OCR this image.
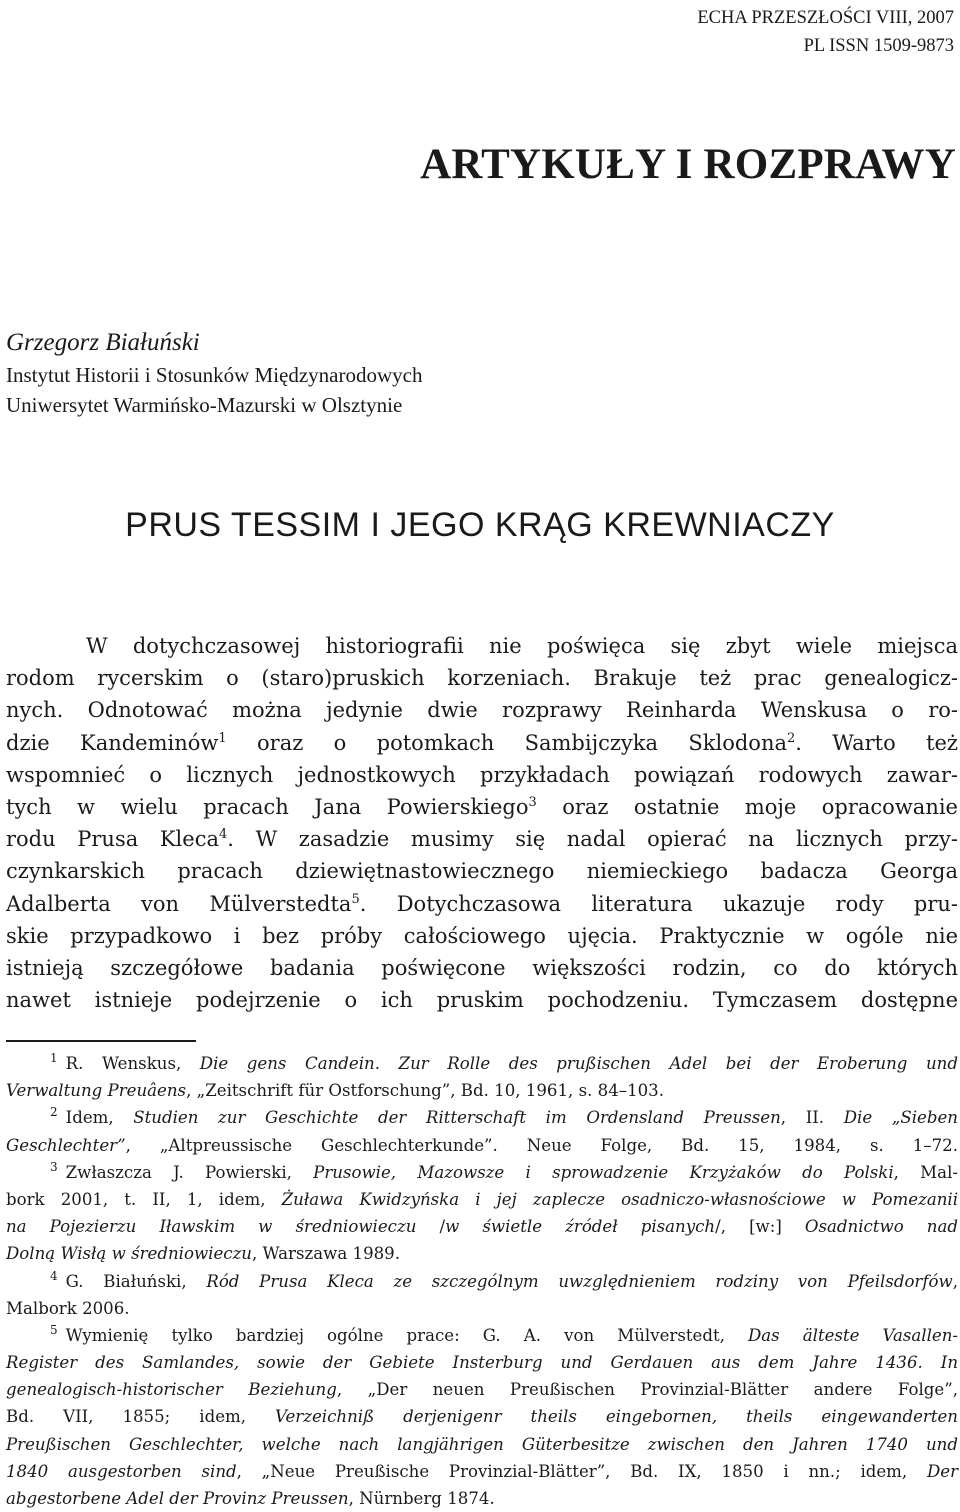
ECHA PRZESZŁOŚCI VIII, 2007
PL ISSN 1509-9873
ARTYKUŁY I ROZPRAWY
Grzegorz Białuński
Instytut Historii i Stosunków Międzynarodowych
Uniwersytet Warmińsko-Mazurski w Olsztynie
PRUS TESSIM I JEGO KRĄG KREWNIACZY
W dotychczasowej historiografii nie poświęca się zbyt wiele miejsca
rodom rycerskim o (staro)pruskich korzeniach. Brakuje też prac genealogicz-
nych. Odnotować można jedynie dwie rozprawy Reinharda Wenskusa o ro-
dzie Kandeminów$^1$ oraz o potomkach Sambijczyka Sklodona$^2$. Warto też
wspomnieć o licznych jednostkowych przykładach powiązań rodowych zawar-
tych w wielu pracach Jana Powierskiego$^3$ oraz ostatnie moje opracowanie
rodu Prusa Kleca$^4$. W zasadzie musimy się nadal opierać na licznych przy-
czynkarskich pracach dziewiętnastowiecznego niemieckiego badacza Georga
Adalberta von Mülverstedta$^5$. Dotychczasowa literatura ukazuje rody pru-
skie przypadkowo i bez próby całościowego ujęcia. Praktycznie w ogóle nie
istnieją szczegółowe badania poświęcone większości rodzin, co do których
nawet istnieje podejrzenie o ich pruskim pochodzeniu. Tymczasem dostępne
$^1$ R. Wenskus, Die gens Candein. Zur Rolle des prußischen Adel bei der Eroberung und
Verwaltung Preuâens, „Zeitschrift für Ostforschung”, Bd. 10, 1961, s. 84–103.
$^2$ Idem, Studien zur Geschichte der Ritterschaft im Ordensland Preussen, II. Die „Sieben
Geschlechter”, „Altpreussische Geschlechterkunde”. Neue Folge, Bd. 15, 1984, s. 1–72.
$^3$ Zwłaszcza J. Powierski, Prusowie, Mazowsze i sprowadzenie Krzyżaków do Polski, Mal-
bork 2001, t. II, 1, idem, Żuława Kwidzyńska i jej zaplecze osadniczo-własnościowe w Pomezanii
na Pojezierzu Iławskim w średniowieczu /w świetle źródeł pisanych/, [w:] Osadnictwo nad
Dolną Wisłą w średniowieczu, Warszawa 1989.
$^4$ G. Białuński, Ród Prusa Kleca ze szczególnym uwzględnieniem rodziny von Pfeilsdorfów,
Malbork 2006.
$^5$ Wymienię tylko bardziej ogólne prace: G. A. von Mülverstedt, Das älteste Vasallen-
Register des Samlandes, sowie der Gebiete Insterburg und Gerdauen aus dem Jahre 1436. In
genealogisch-historischer Beziehung, „Der neuen Preußischen Provinzial-Blätter andere Folge”,
Bd. VII, 1855; idem, Verzeichniß derjenigenr theils eingebornen, theils eingewanderten
Preußischen Geschlechter, welche nach langjährigen Güterbesitze zwischen den Jahren 1740 und
1840 ausgestorben sind, „Neue Preußische Provinzial-Blätter”, Bd. IX, 1850 i nn.; idem, Der
abgestorbene Adel der Provinz Preussen, Nürnberg 1874.
